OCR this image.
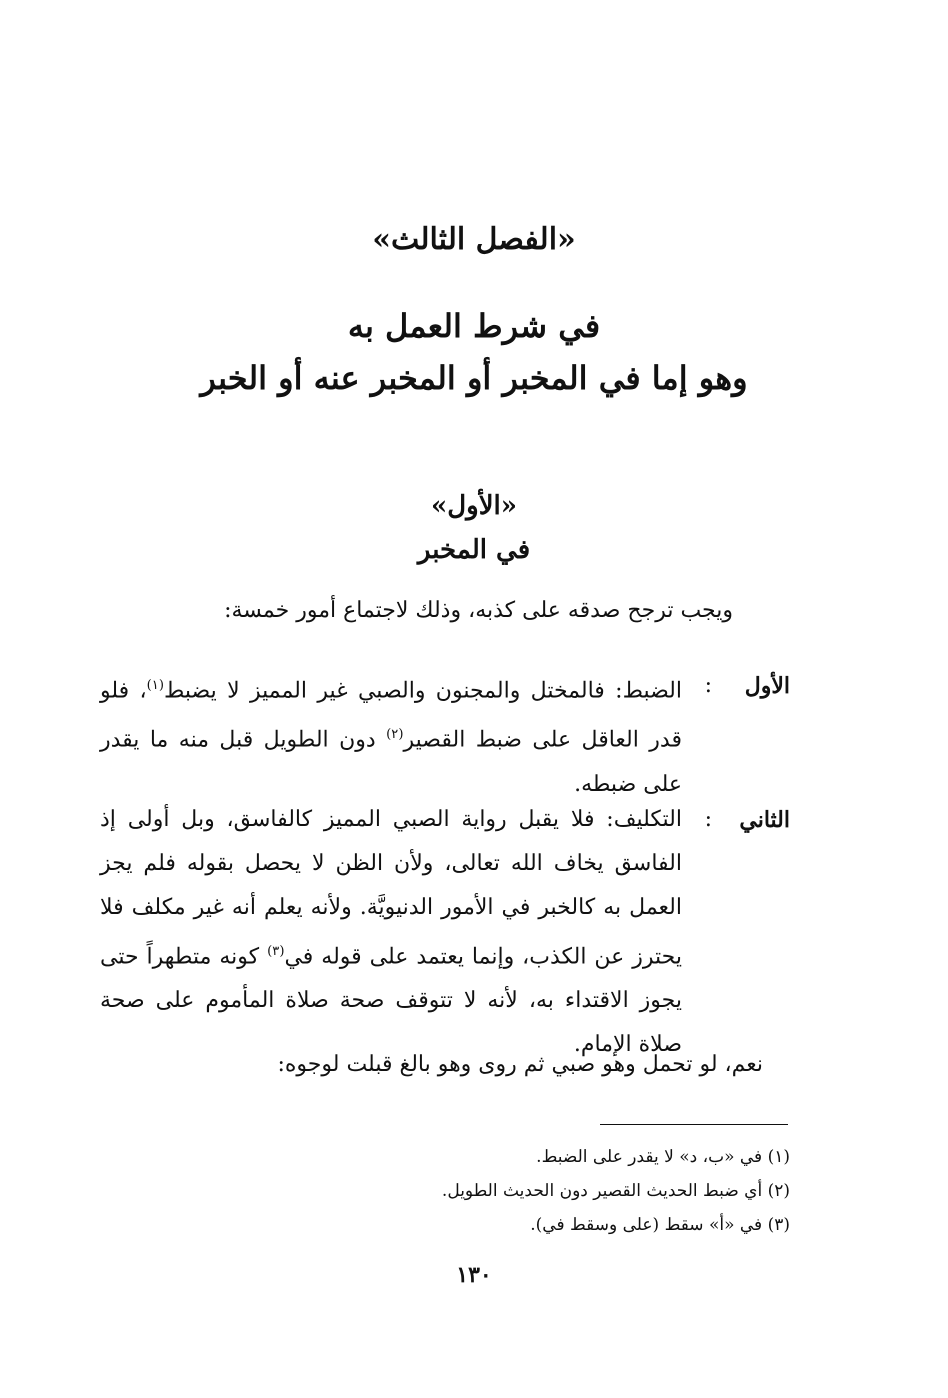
«الفصل الثالث»
في شرط العمل به
وهو إما في المخبر أو المخبر عنه أو الخبر
«الأول»
في المخبر
ويجب ترجح صدقه على كذبه، وذلك لاجتماع أمور خمسة:
الأول
:
الضبط: فالمختل والمجنون والصبي غير المميز لا يضبط$^{(١)}$، فلو قدر العاقل على ضبط القصير$^{(٢)}$ دون الطويل قبل منه ما يقدر على ضبطه.
الثاني
:
التكليف: فلا يقبل رواية الصبي المميز كالفاسق، وبل أولى إذ الفاسق يخاف الله تعالى، ولأن الظن لا يحصل بقوله فلم يجز العمل به كالخبر في الأمور الدنيويَّة. ولأنه يعلم أنه غير مكلف فلا يحترز عن الكذب، وإنما يعتمد على قوله في$^{(٣)}$ كونه متطهراً حتى يجوز الاقتداء به، لأنه لا تتوقف صحة صلاة المأموم على صحة صلاة الإمام.
نعم، لو تحمل وهو صبي ثم روى وهو بالغ قبلت لوجوه:
(١) في «ب، د» لا يقدر على الضبط.
(٢) أي ضبط الحديث القصير دون الحديث الطويل.
(٣) في «أ» سقط (على وسقط في).
١٣٠
